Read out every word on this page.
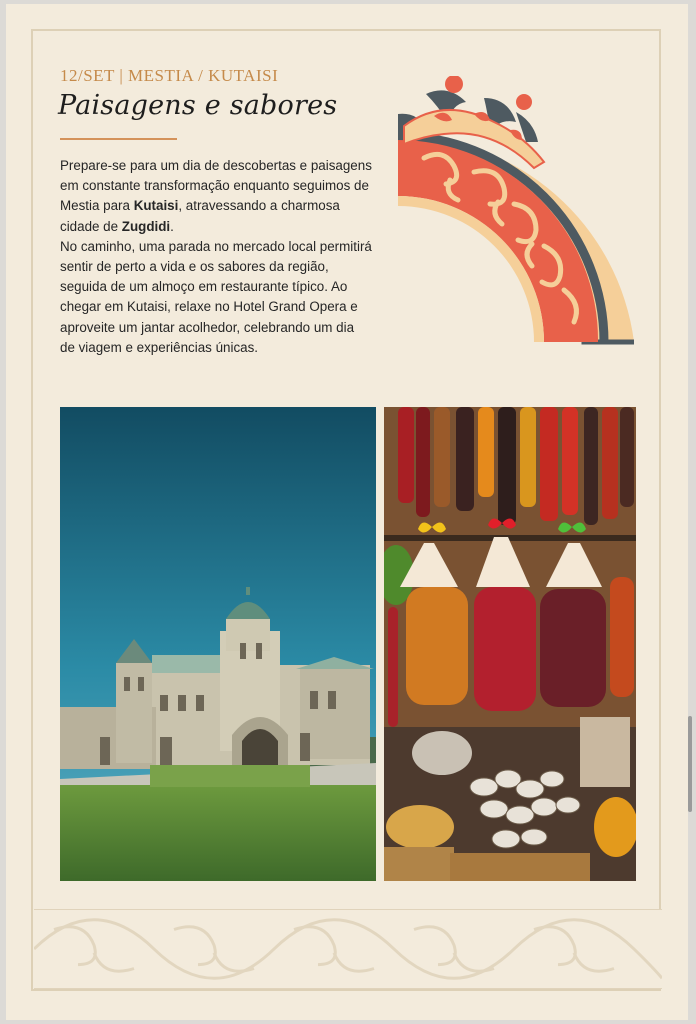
12/SET | MESTIA / KUTAISI
Paisagens e sabores

Prepare-se para um dia de descobertas e paisagens em constante transformação enquanto seguimos de Mestia para Kutaisi, atravessando a charmosa cidade de Zugdidi.

No caminho, uma parada no mercado local permitirá sentir de perto a vida e os sabores da região, seguida de um almoço em restaurante típico. Ao chegar em Kutaisi, relaxe no Hotel Grand Opera e aproveite um jantar acolhedor, celebrando um dia de viagem e experiências únicas.
